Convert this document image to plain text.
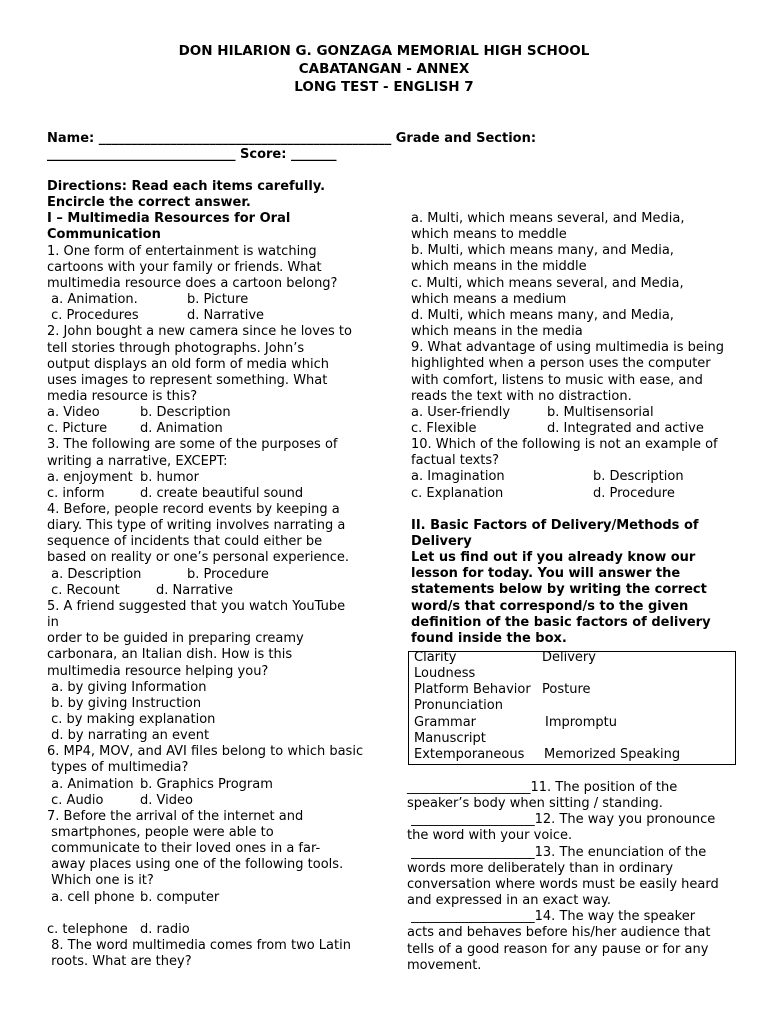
DON HILARION G. GONZAGA MEMORIAL HIGH SCHOOL
CABATANGAN - ANNEX
LONG TEST - ENGLISH 7
Name: _____________________________________________ Grade and Section:
_____________________________ Score: _______
Directions: Read each items carefully.
Encircle the correct answer.
I – Multimedia Resources for Oral
Communication
1. One form of entertainment is watching
cartoons with your family or friends. What
multimedia resource does a cartoon belong?
a. Animation.	b. Picture
c. Procedures	d. Narrative
2. John bought a new camera since he loves to
tell stories through photographs. John’s
output displays an old form of media which
uses images to represent something. What
media resource is this?
a. Video	b. Description
c. Picture	d. Animation
3. The following are some of the purposes of
writing a narrative, EXCEPT:
a. enjoyment b. humor
c. inform	d. create beautiful sound
4. Before, people record events by keeping a
diary. This type of writing involves narrating a
sequence of incidents that could either be
based on reality or one’s personal experience.
a. Description	b. Procedure
c. Recount	d. Narrative
5. A friend suggested that you watch YouTube
in
order to be guided in preparing creamy
carbonara, an Italian dish. How is this
multimedia resource helping you?
a. by giving Information
b. by giving Instruction
c. by making explanation
d. by narrating an event
6. MP4, MOV, and AVI files belong to which basic
types of multimedia?
a. Animation b. Graphics Program
c. Audio	d. Video
7. Before the arrival of the internet and
smartphones, people were able to
communicate to their loved ones in a far-
away places using one of the following tools.
Which one is it?
a. cell phone b. computer
c. telephone d. radio
8. The word multimedia comes from two Latin
roots. What are they?
a. Multi, which means several, and Media,
which means to meddle
b. Multi, which means many, and Media,
which means in the middle
c. Multi, which means several, and Media,
which means a medium
d. Multi, which means many, and Media,
which means in the media
9. What advantage of using multimedia is being
highlighted when a person uses the computer
with comfort, listens to music with ease, and
reads the text with no distraction.
a. User-friendly	b. Multisensorial
c. Flexible	d. Integrated and active
10. Which of the following is not an example of
factual texts?
a. Imagination	b. Description
c. Explanation	d. Procedure
II. Basic Factors of Delivery/Methods of
Delivery
Let us find out if you already know our
lesson for today. You will answer the
statements below by writing the correct
word/s that correspond/s to the given
definition of the basic factors of delivery
found inside the box.
Clarity	Delivery
Loudness
Platform Behavior Posture
Pronunciation
Grammar	Impromptu
Manuscript
Extemporaneous Memorized Speaking
___________________11. The position of the
speaker’s body when sitting / standing.
___________________12. The way you pronounce
the word with your voice.
___________________13. The enunciation of the
words more deliberately than in ordinary
conversation where words must be easily heard
and expressed in an exact way.
___________________14. The way the speaker
acts and behaves before his/her audience that
tells of a good reason for any pause or for any
movement.
